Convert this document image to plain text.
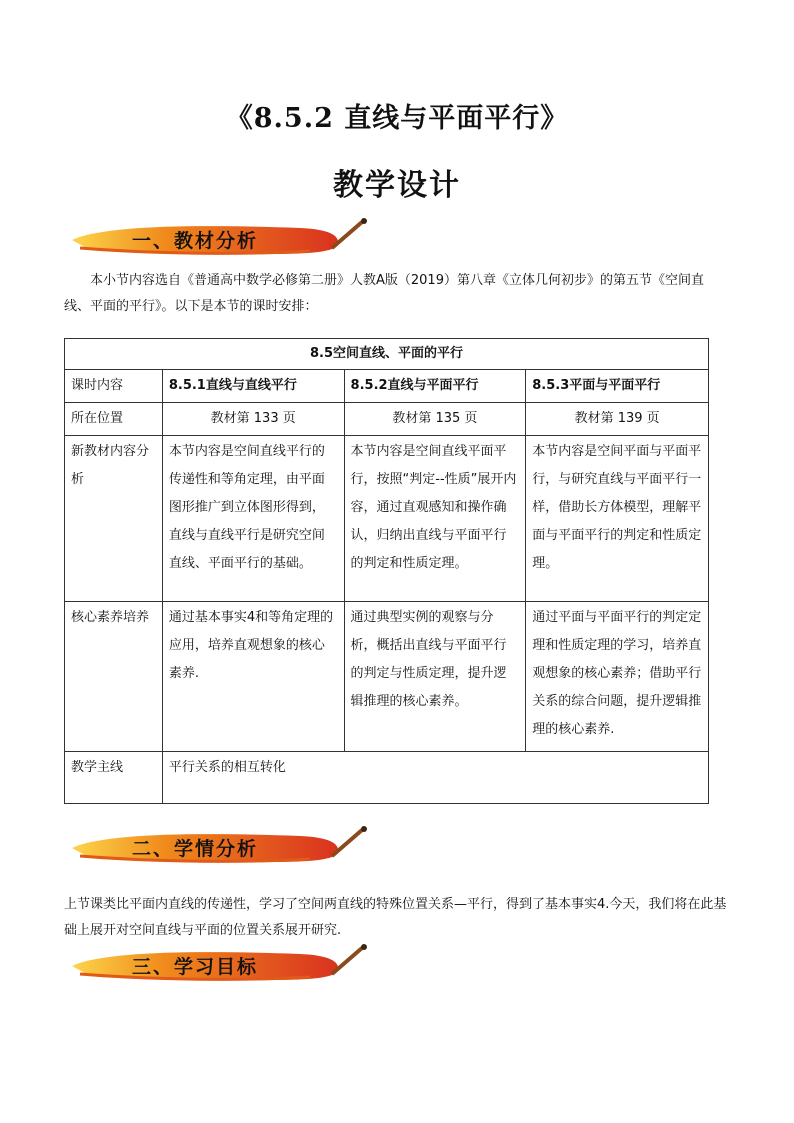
《8.5.2 直线与平面平行》
教学设计
一、教材分析
本小节内容选自《普通高中数学必修第二册》人教A版（2019）第八章《立体几何初步》的第五节《空间直线、平面的平行》。以下是本节的课时安排：
8.5空间直线、平面的平行			
课时内容	8.5.1直线与直线平行	8.5.2直线与平面平行	8.5.3平面与平面平行
所在位置	教材第 133 页	教材第 135 页	教材第 139 页
新教材内容分析	本节内容是空间直线平行的传递性和等角定理，由平面图形推广到立体图形得到，直线与直线平行是研究空间直线、平面平行的基础。	本节内容是空间直线平面平行，按照“判定--性质”展开内容，通过直观感知和操作确认，归纳出直线与平面平行的判定和性质定理。	本节内容是空间平面与平面平行，与研究直线与平面平行一样，借助长方体模型，理解平面与平面平行的判定和性质定理。
核心素养培养	通过基本事实4和等角定理的应用，培养直观想象的核心素养.	通过典型实例的观察与分析，概括出直线与平面平行的判定与性质定理，提升逻辑推理的核心素养。	通过平面与平面平行的判定定理和性质定理的学习，培养直观想象的核心素养；借助平行关系的综合问题，提升逻辑推理的核心素养.
教学主线	平行关系的相互转化		
二、学情分析
上节课类比平面内直线的传递性，学习了空间两直线的特殊位置关系—平行，得到了基本事实4.今天，我们将在此基础上展开对空间直线与平面的位置关系展开研究.
三、学习目标
